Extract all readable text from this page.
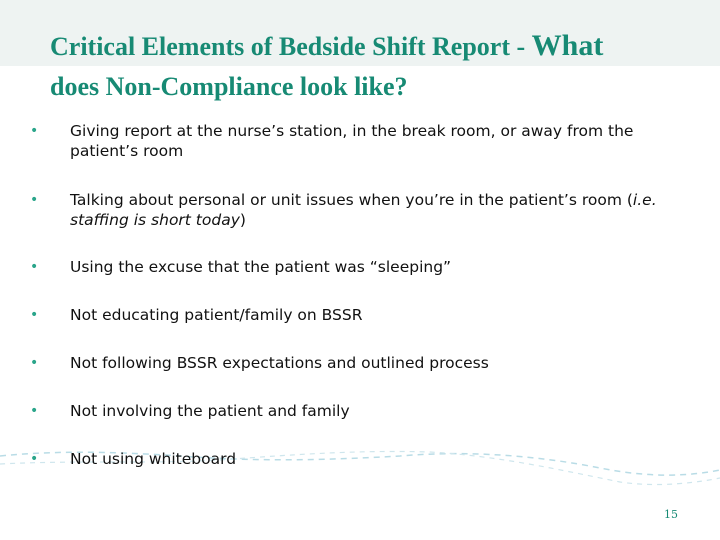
Critical Elements of Bedside Shift Report - What
does Non-Compliance look like?
• Giving report at the nurse’s station, in the break room, or away from the patient’s room
• Talking about personal or unit issues when you’re in the patient’s room (i.e. staffing is short today)
• Using the excuse that the patient was “sleeping”
• Not educating patient/family on BSSR
• Not following BSSR expectations and outlined process
• Not involving the patient and family
• Not using whiteboard
15
